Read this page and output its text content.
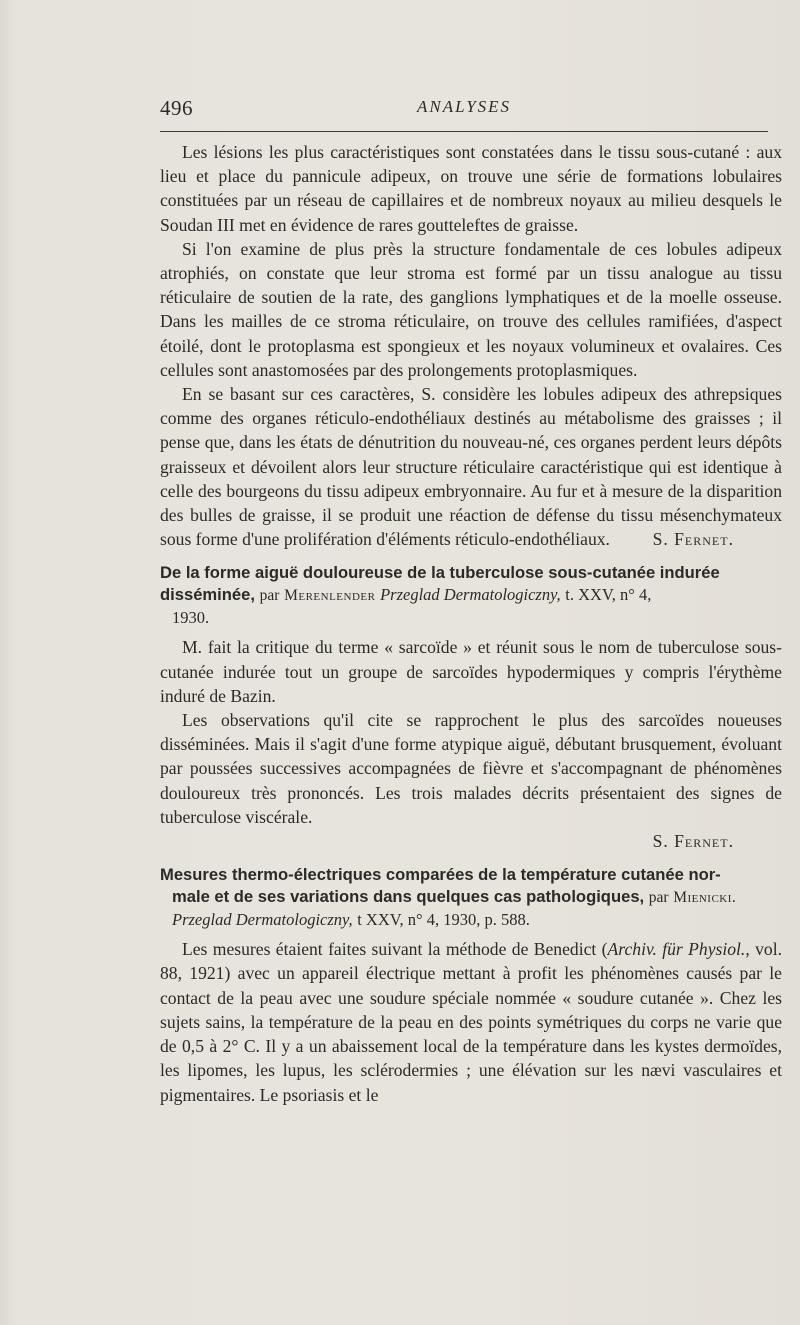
496	ANALYSES

Les lésions les plus caractéristiques sont constatées dans le tissu sous-cutané : aux lieu et place du pannicule adipeux, on trouve une série de formations lobulaires constituées par un réseau de capillaires et de nombreux noyaux au milieu desquels le Soudan III met en évidence de rares goutteleftes de graisse.

Si l'on examine de plus près la structure fondamentale de ces lobules adipeux atrophiés, on constate que leur stroma est formé par un tissu analogue au tissu réticulaire de soutien de la rate, des ganglions lymphatiques et de la moelle osseuse. Dans les mailles de ce stroma réticulaire, on trouve des cellules ramifiées, d'aspect étoilé, dont le protoplasma est spongieux et les noyaux volumineux et ovalaires. Ces cellules sont anastomosées par des prolongements protoplasmiques.

En se basant sur ces caractères, S. considère les lobules adipeux des athrepsiques comme des organes réticulo-endothéliaux destinés au métabolisme des graisses ; il pense que, dans les états de dénutrition du nouveau-né, ces organes perdent leurs dépôts graisseux et dévoilent alors leur structure réticulaire caractéristique qui est identique à celle des bourgeons du tissu adipeux embryonnaire. Au fur et à mesure de la disparition des bulles de graisse, il se produit une réaction de défense du tissu mésenchymateux sous forme d'une prolifération d'éléments réticulo-endothéliaux.	S. Fernet.

De la forme aiguë douloureuse de la tuberculose sous-cutanée indurée
disséminée, par Merenlender Przeglad Dermatologiczny, t. XXV, n° 4,
1930.

M. fait la critique du terme « sarcoïde » et réunit sous le nom de tuberculose sous-cutanée indurée tout un groupe de sarcoïdes hypodermiques y compris l'érythème induré de Bazin.

Les observations qu'il cite se rapprochent le plus des sarcoïdes noueuses disséminées. Mais il s'agit d'une forme atypique aiguë, débutant brusquement, évoluant par poussées successives accompagnées de fièvre et s'accompagnant de phénomènes douloureux très prononcés. Les trois malades décrits présentaient des signes de tuberculose viscérale.

S. Fernet.
Mesures thermo-électriques comparées de la température cutanée nor-
male et de ses variations dans quelques cas pathologiques, par Mienicki.
Przeglad Dermatologiczny, t XXV, n° 4, 1930, p. 588.

Les mesures étaient faites suivant la méthode de Benedict (Archiv. für Physiol., vol. 88, 1921) avec un appareil électrique mettant à profit les phénomènes causés par le contact de la peau avec une soudure spéciale nommée « soudure cutanée ». Chez les sujets sains, la température de la peau en des points symétriques du corps ne varie que de 0,5 à 2° C. Il y a un abaissement local de la température dans les kystes dermoïdes, les lipomes, les lupus, les sclérodermies ; une élévation sur les nævi vasculaires et pigmentaires. Le psoriasis et le
